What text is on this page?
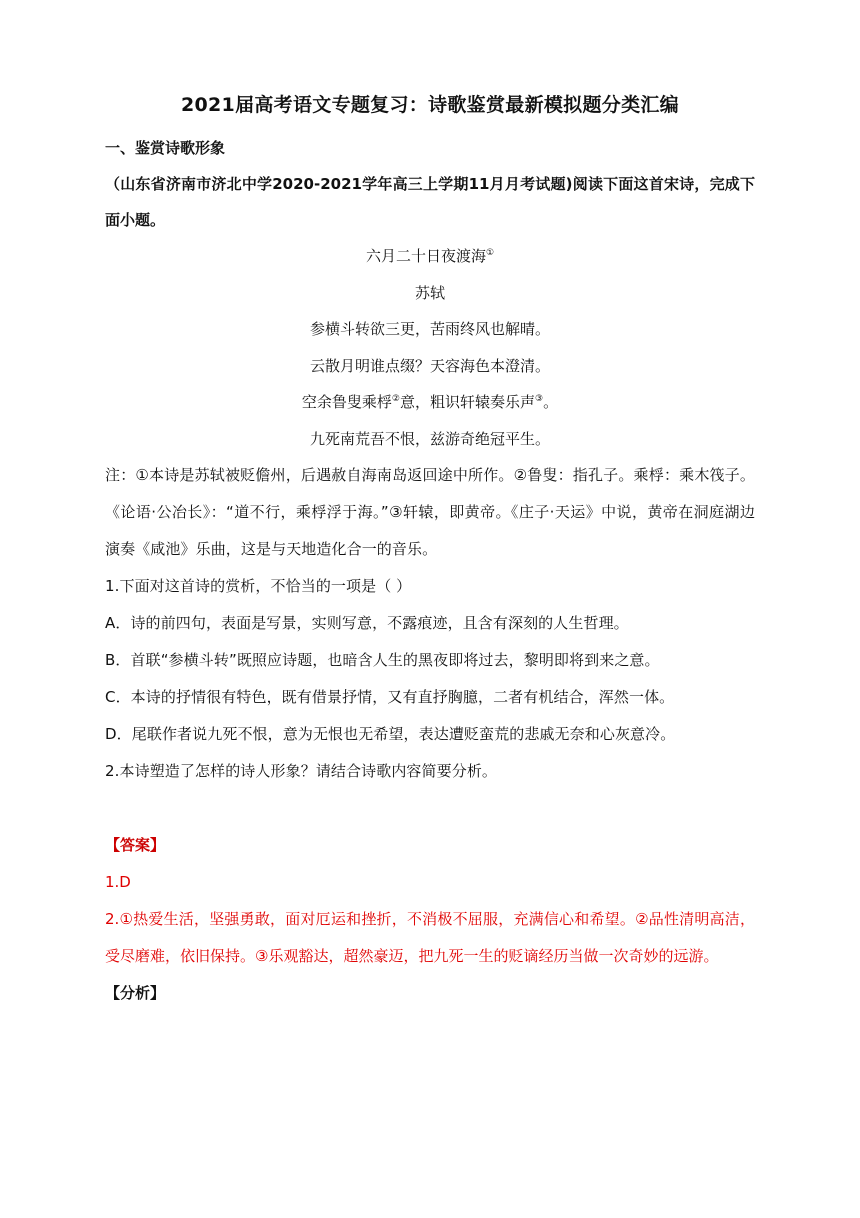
2021届高考语文专题复习：诗歌鉴赏最新模拟题分类汇编

一、鉴赏诗歌形象

（山东省济南市济北中学2020-2021学年高三上学期11月月考试题)阅读下面这首宋诗，完成下面小题。

六月二十日夜渡海①
苏轼
参横斗转欲三更，苦雨终风也解晴。
云散月明谁点缀？天容海色本澄清。
空余鲁叟乘桴②意，粗识轩辕奏乐声③。
九死南荒吾不恨，兹游奇绝冠平生。

注：①本诗是苏轼被贬儋州，后遇赦自海南岛返回途中所作。②鲁叟：指孔子。乘桴：乘木筏子。《论语·公冶长》：“道不行，乘桴浮于海。”③轩辕，即黄帝。《庄子·天运》中说，黄帝在洞庭湖边演奏《咸池》乐曲，这是与天地造化合一的音乐。

1.下面对这首诗的赏析，不恰当的一项是（ ）

A．诗的前四句，表面是写景，实则写意，不露痕迹，且含有深刻的人生哲理。

B．首联“参横斗转”既照应诗题，也暗含人生的黑夜即将过去，黎明即将到来之意。

C．本诗的抒情很有特色，既有借景抒情，又有直抒胸臆，二者有机结合，浑然一体。

D．尾联作者说九死不恨，意为无恨也无希望，表达遭贬蛮荒的悲戚无奈和心灰意冷。

2.本诗塑造了怎样的诗人形象？请结合诗歌内容简要分析。

【答案】

1.D

2.①热爱生活，坚强勇敢，面对厄运和挫折，不消极不屈服，充满信心和希望。②品性清明高洁，受尽磨难，依旧保持。③乐观豁达，超然豪迈，把九死一生的贬谪经历当做一次奇妙的远游。

【分析】
